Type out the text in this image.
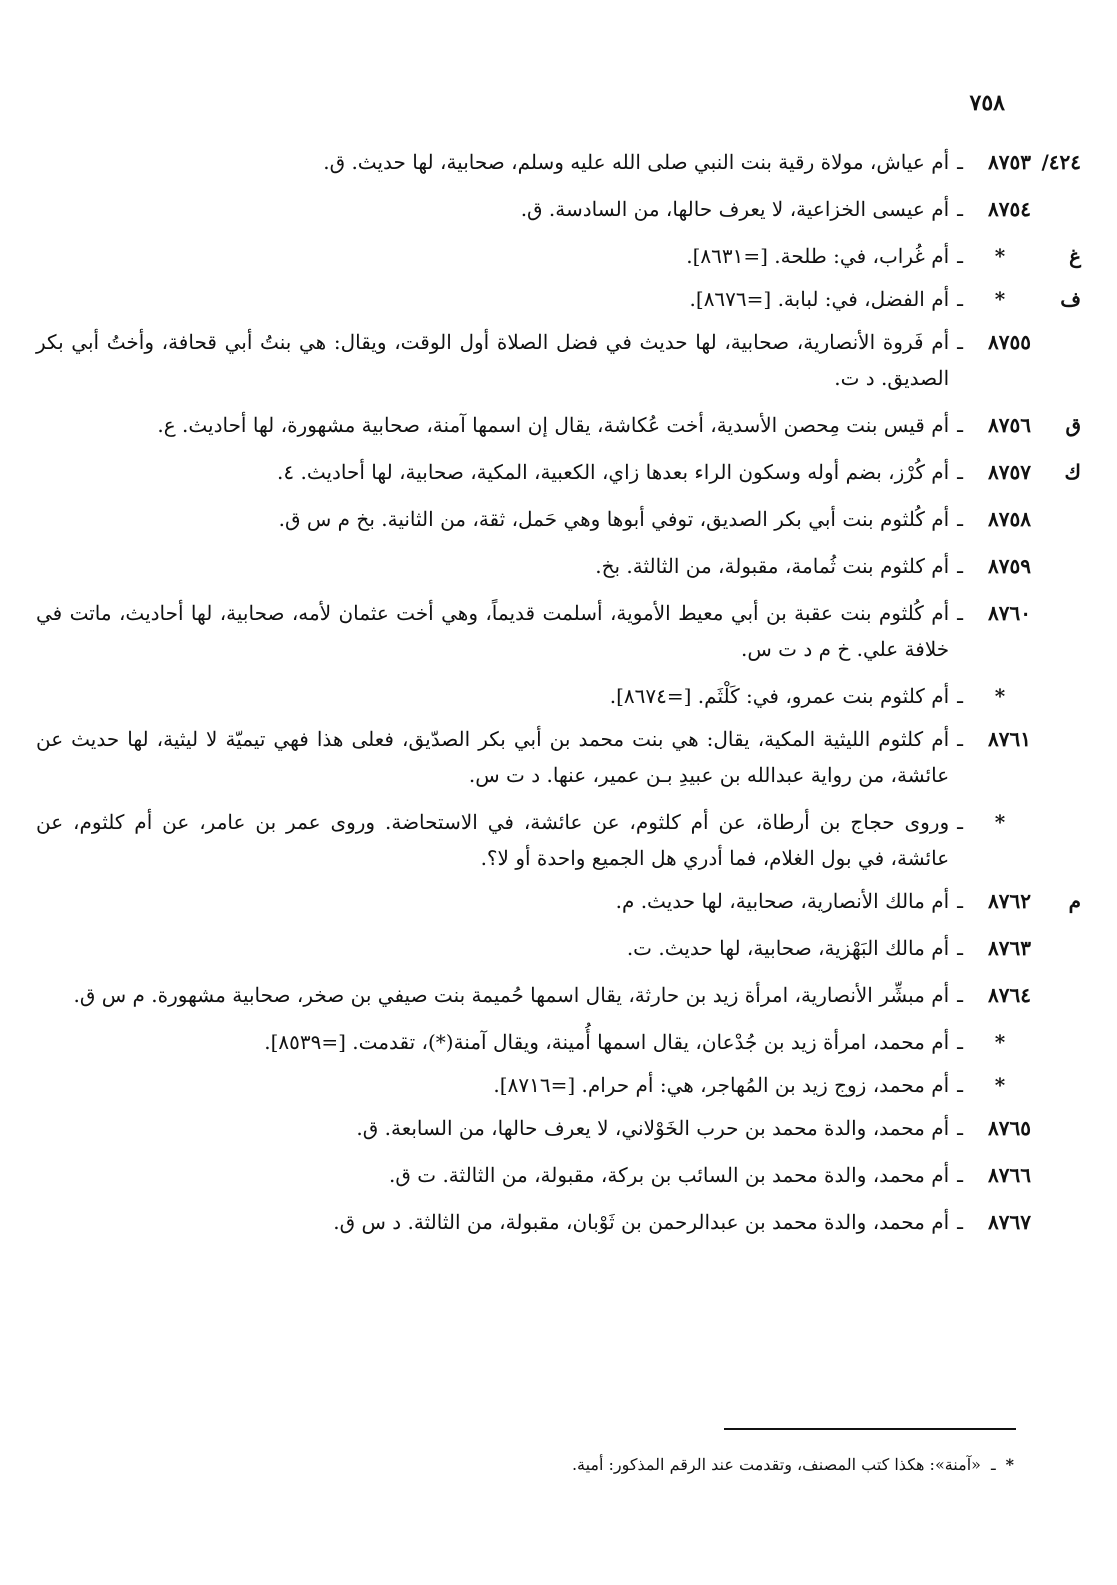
٧٥٨
٤٢٤/
٨٧٥٣
ـ
أم عياش، مولاة رقية بنت النبي صلى الله عليه وسلم، صحابية، لها حديث. ق.
٨٧٥٤
ـ
أم عيسى الخزاعية، لا يعرف حالها، من السادسة. ق.
غ
*
ـ
أم غُراب، في: طلحة. [=٨٦٣١].
ف
*
ـ
أم الفضل، في: لبابة. [=٨٦٧٦].
٨٧٥٥
ـ
أم فَروة الأنصارية، صحابية، لها حديث في فضل الصلاة أول الوقت، ويقال: هي بنتُ أبي قحافة، وأختُ أبي بكر الصديق. د ت.
ق
٨٧٥٦
ـ
أم قيس بنت مِحصن الأسدية، أخت عُكاشة، يقال إن اسمها آمنة، صحابية مشهورة، لها أحاديث. ع.
ك
٨٧٥٧
ـ
أم كُرْز، بضم أوله وسكون الراء بعدها زاي، الكعبية، المكية، صحابية، لها أحاديث. ٤.
٨٧٥٨
ـ
أم كُلثوم بنت أبي بكر الصديق، توفي أبوها وهي حَمل، ثقة، من الثانية. بخ م س ق.
٨٧٥٩
ـ
أم كلثوم بنت ثُمامة، مقبولة، من الثالثة. بخ.
٨٧٦٠
ـ
أم كُلثوم بنت عقبة بن أبي معيط الأموية، أسلمت قديماً، وهي أخت عثمان لأمه، صحابية، لها أحاديث، ماتت في خلافة علي. خ م د ت س.
*
ـ
أم كلثوم بنت عمرو، في: كَلْثَم. [=٨٦٧٤].
٨٧٦١
ـ
أم كلثوم الليثية المكية، يقال: هي بنت محمد بن أبي بكر الصدّيق، فعلى هذا فهي تيميّة لا ليثية، لها حديث عن عائشة، من رواية عبدالله بن عبيدِ بـن عمير، عنها. د ت س.
*
ـ
وروى حجاج بن أرطاة، عن أم كلثوم، عن عائشة، في الاستحاضة. وروى عمر بن عامر، عن أم كلثوم، عن عائشة، في بول الغلام، فما أدري هل الجميع واحدة أو لا؟.
م
٨٧٦٢
ـ
أم مالك الأنصارية، صحابية، لها حديث. م.
٨٧٦٣
ـ
أم مالك البَهْزية، صحابية، لها حديث. ت.
٨٧٦٤
ـ
أم مبشِّر الأنصارية، امرأة زيد بن حارثة، يقال اسمها حُميمة بنت صيفي بن صخر، صحابية مشهورة. م س ق.
*
ـ
أم محمد، امرأة زيد بن جُدْعان، يقال اسمها أُمينة، ويقال آمنة(*)، تقدمت. [=٨٥٣٩].
*
ـ
أم محمد، زوج زيد بن المُهاجر، هي: أم حرام. [=٨٧١٦].
٨٧٦٥
ـ
أم محمد، والدة محمد بن حرب الخَوْلاني، لا يعرف حالها، من السابعة. ق.
٨٧٦٦
ـ
أم محمد، والدة محمد بن السائب بن بركة، مقبولة، من الثالثة. ت ق.
٨٧٦٧
ـ
أم محمد، والدة محمد بن عبدالرحمن بن ثَوْبان، مقبولة، من الثالثة. د س ق.
*
ـ
«آمنة»: هكذا كتب المصنف، وتقدمت عند الرقم المذكور: أمية.
